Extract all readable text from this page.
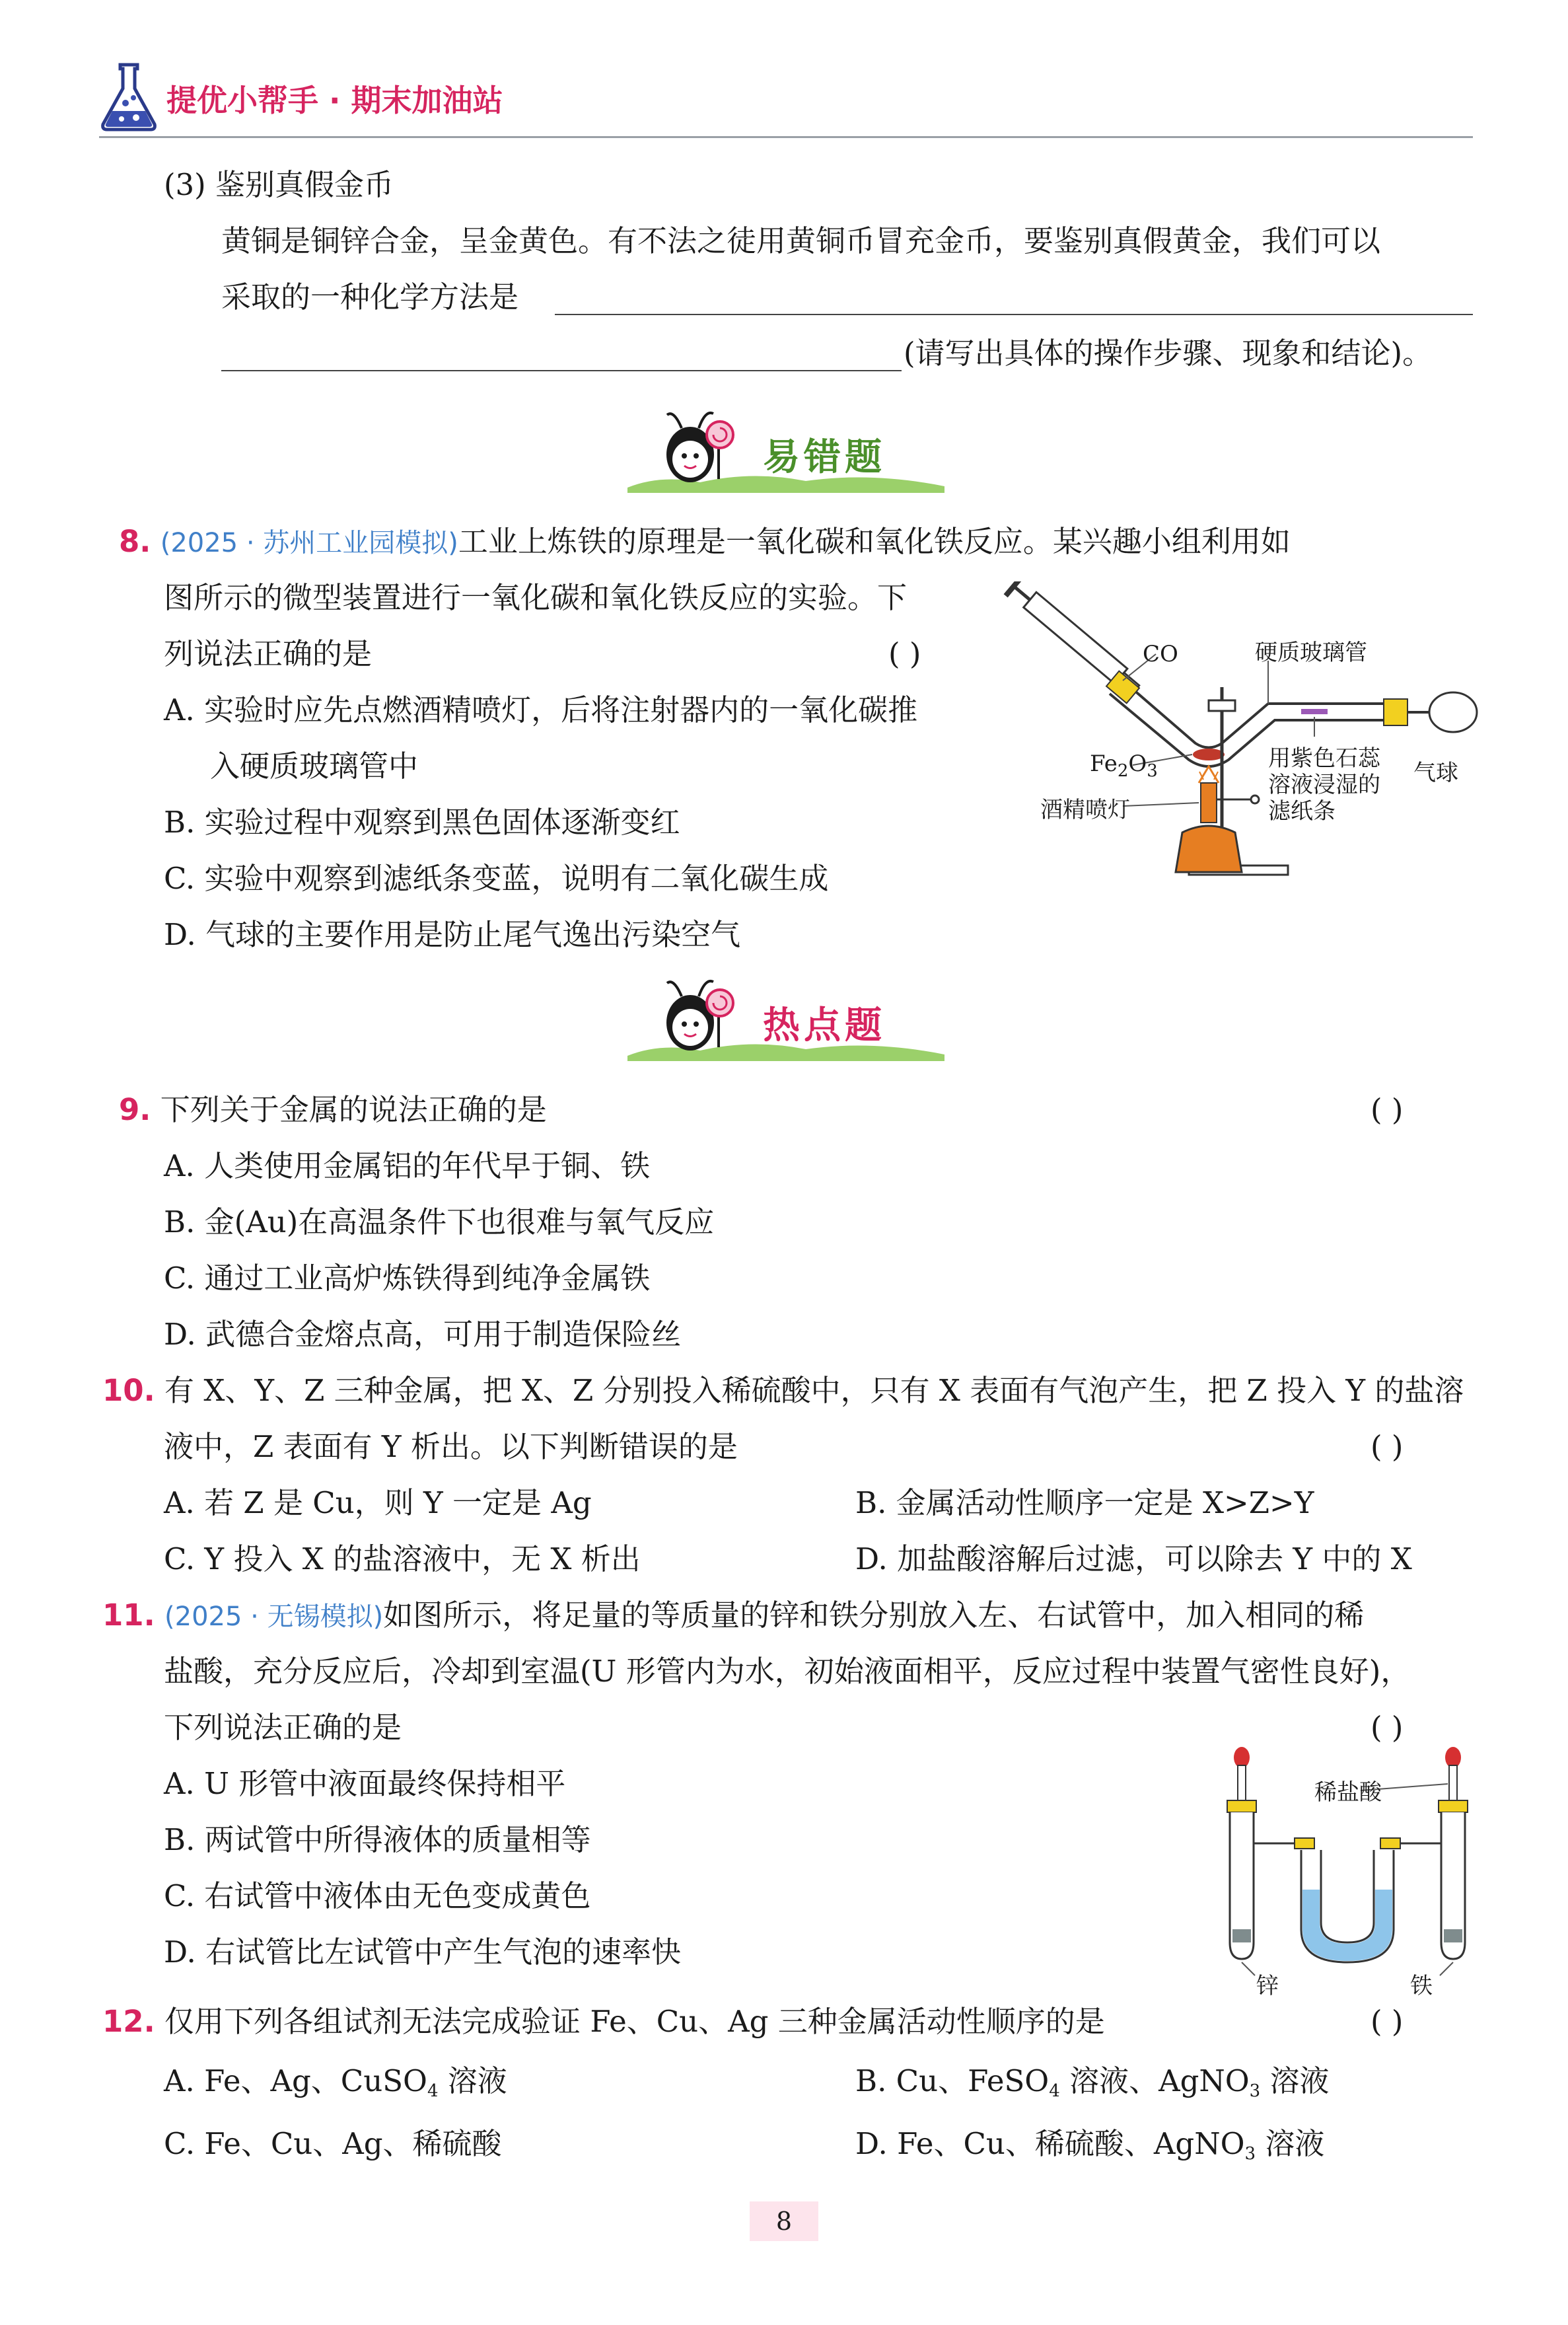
提优小帮手 · 期末加油站
(3) 鉴别真假金币
黄铜是铜锌合金，呈金黄色。有不法之徒用黄铜币冒充金币，要鉴别真假黄金，我们可以
采取的一种化学方法是
(请写出具体的操作步骤、现象和结论)。
易错题
8. (2025 · 苏州工业园模拟)工业上炼铁的原理是一氧化碳和氧化铁反应。某兴趣小组利用如
图所示的微型装置进行一氧化碳和氧化铁反应的实验。下
列说法正确的是	( )
A. 实验时应先点燃酒精喷灯，后将注射器内的一氧化碳推
入硬质玻璃管中
B. 实验过程中观察到黑色固体逐渐变红
C. 实验中观察到滤纸条变蓝，说明有二氧化碳生成
D. 气球的主要作用是防止尾气逸出污染空气
CO	硬质玻璃管
$Fe_2O_3$	用紫色石蕊
溶液浸湿的
滤纸条
气球
酒精喷灯
热点题
9. 下列关于金属的说法正确的是	( )
A. 人类使用金属铝的年代早于铜、铁
B. 金(Au)在高温条件下也很难与氧气反应
C. 通过工业高炉炼铁得到纯净金属铁
D. 武德合金熔点高，可用于制造保险丝
10. 有 X、Y、Z 三种金属，把 X、Z 分别投入稀硫酸中，只有 X 表面有气泡产生，把 Z 投入 Y 的盐溶
液中，Z 表面有 Y 析出。以下判断错误的是	( )
A. 若 Z 是 Cu，则 Y 一定是 Ag	B. 金属活动性顺序一定是 X>Z>Y
C. Y 投入 X 的盐溶液中，无 X 析出	D. 加盐酸溶解后过滤，可以除去 Y 中的 X
11. (2025 · 无锡模拟)如图所示，将足量的等质量的锌和铁分别放入左、右试管中，加入相同的稀
盐酸，充分反应后，冷却到室温(U 形管内为水，初始液面相平，反应过程中装置气密性良好)，
下列说法正确的是	( )
A. U 形管中液面最终保持相平
B. 两试管中所得液体的质量相等
C. 右试管中液体由无色变成黄色
D. 右试管比左试管中产生气泡的速率快
稀盐酸
锌	铁
12. 仅用下列各组试剂无法完成验证 Fe、Cu、Ag 三种金属活动性顺序的是	( )
A. Fe、Ag、CuSO$_4$ 溶液	B. Cu、FeSO$_4$ 溶液、AgNO$_3$ 溶液
C. Fe、Cu、Ag、稀硫酸	D. Fe、Cu、稀硫酸、AgNO$_3$ 溶液
8
